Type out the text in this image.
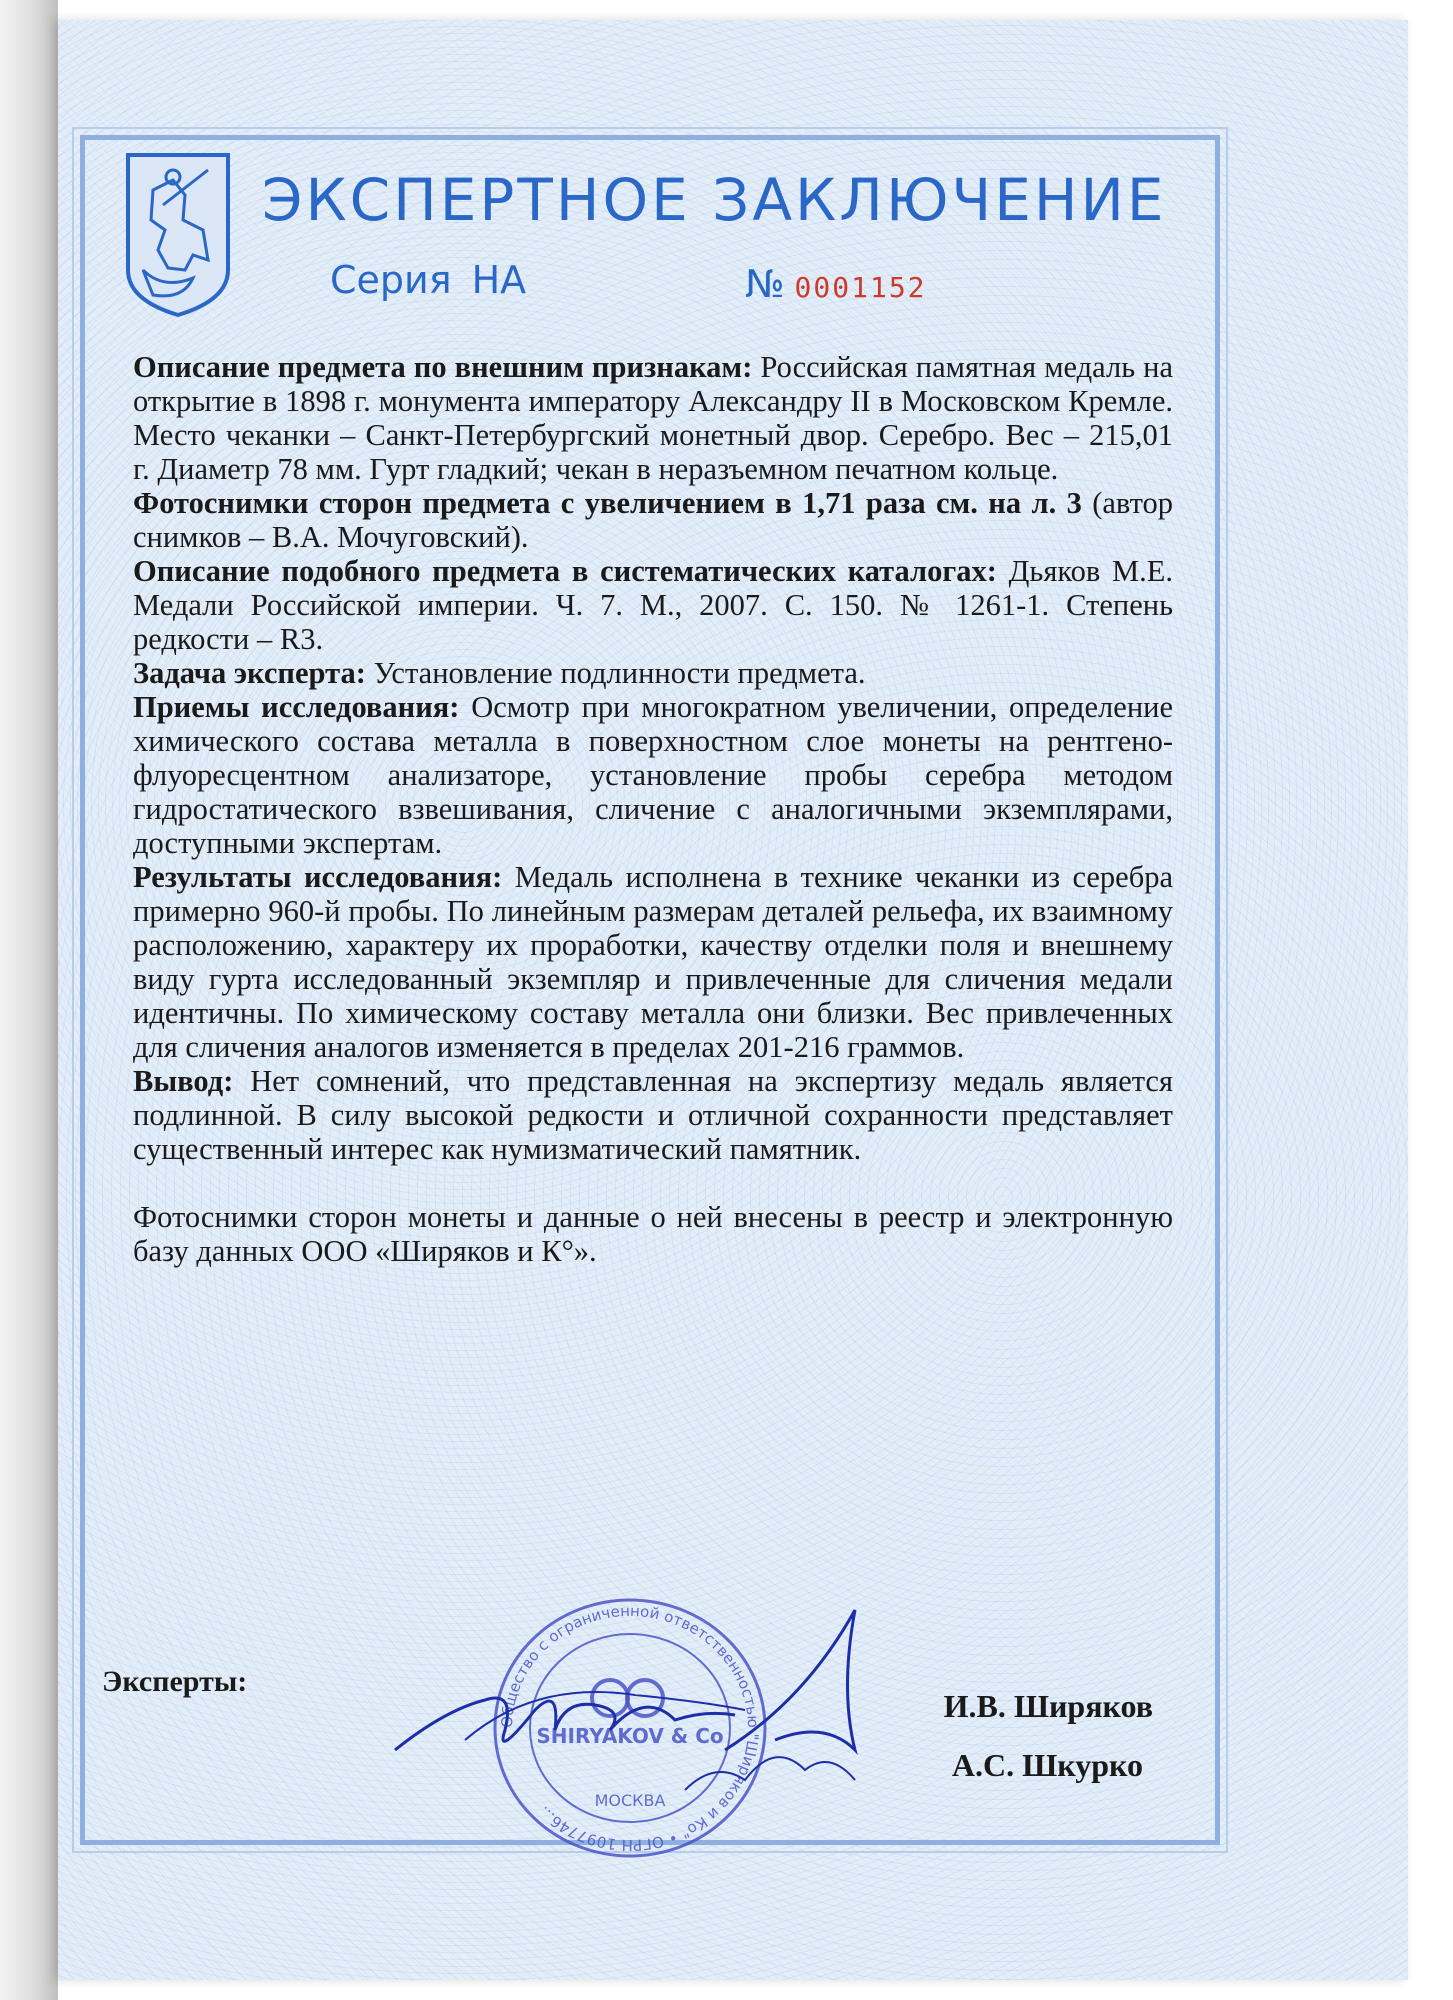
ЭКСПЕРТНОЕ ЗАКЛЮЧЕНИЕ
Серия НА	№ 0001152

Описание предмета по внешним признакам: Российская памятная медаль на открытие в 1898 г. монумента императору Александру II в Московском Кремле. Место чеканки – Санкт-Петербургский монетный двор. Серебро. Вес – 215,01 г. Диаметр 78 мм. Гурт гладкий; чекан в неразъемном печатном кольце.

Фотоснимки сторон предмета с увеличением в 1,71 раза см. на л. 3 (автор снимков – В.А. Мочуговский).

Описание подобного предмета в систематических каталогах: Дьяков М.Е. Медали Российской империи. Ч. 7. М., 2007. С. 150. № 1261-1. Степень редкости – R3.

Задача эксперта: Установление подлинности предмета.

Приемы исследования: Осмотр при многократном увеличении, определение химического состава металла в поверхностном слое монеты на рентгено-флуоресцентном анализаторе, установление пробы серебра методом гидростатического взвешивания, сличение с аналогичными экземплярами, доступными экспертам.

Результаты исследования: Медаль исполнена в технике чеканки из серебра примерно 960-й пробы. По линейным размерам деталей рельефа, их взаимному расположению, характеру их проработки, качеству отделки поля и внешнему виду гурта исследованный экземпляр и привлеченные для сличения медали идентичны. По химическому составу металла они близки. Вес привлеченных для сличения аналогов изменяется в пределах 201-216 граммов.

Вывод: Нет сомнений, что представленная на экспертизу медаль является подлинной. В силу высокой редкости и отличной сохранности представляет существенный интерес как нумизматический памятник.

Фотоснимки сторон монеты и данные о ней внесены в реестр и электронную базу данных ООО «Ширяков и К°».

Эксперты:
Общество с ограниченной ответственностью "Ширяков и Ко" • ОГРН 1097746...
SHIRYAKOV & Co
МОСКВА
И.В. Ширяков
А.С. Шкурко
